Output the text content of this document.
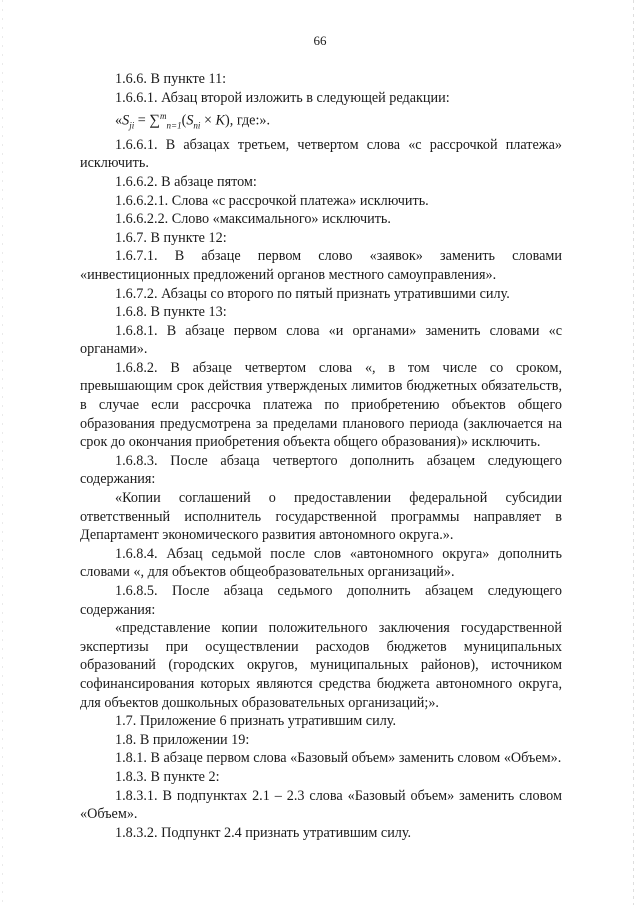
66

1.6.6. В пункте 11:

1.6.6.1. Абзац второй изложить в следующей редакции:

«$S_{ji} = \sum^m_{n=1}(S_{ni} \times K)$, где:».

1.6.6.1. В абзацах третьем, четвертом слова «с рассрочкой платежа» исключить.

1.6.6.2. В абзаце пятом:

1.6.6.2.1. Слова «с рассрочкой платежа» исключить.

1.6.6.2.2. Слово «максимального» исключить.

1.6.7. В пункте 12:

1.6.7.1. В абзаце первом слово «заявок» заменить словами «инвестиционных предложений органов местного самоуправления».

1.6.7.2. Абзацы со второго по пятый признать утратившими силу.

1.6.8. В пункте 13:

1.6.8.1. В абзаце первом слова «и органами» заменить словами «с органами».

1.6.8.2. В абзаце четвертом слова «, в том числе со сроком, превышающим срок действия утвержденых лимитов бюджетных обязательств, в случае если рассрочка платежа по приобретению объектов общего образования предусмотрена за пределами планового периода (заключается на срок до окончания приобретения объекта общего образования)» исключить.

1.6.8.3. После абзаца четвертого дополнить абзацем следующего содержания:

«Копии соглашений о предоставлении федеральной субсидии ответственный исполнитель государственной программы направляет в Департамент экономического развития автономного округа.».

1.6.8.4. Абзац седьмой после слов «автономного округа» дополнить словами «, для объектов общеобразовательных организаций».

1.6.8.5. После абзаца седьмого дополнить абзацем следующего содержания:

«представление копии положительного заключения государственной экспертизы при осуществлении расходов бюджетов муниципальных образований (городских округов, муниципальных районов), источником софинансирования которых являются средства бюджета автономного округа, для объектов дошкольных образовательных организаций;».

1.7. Приложение 6 признать утратившим силу.

1.8. В приложении 19:

1.8.1. В абзаце первом слова «Базовый объем» заменить словом «Объем».

1.8.3. В пункте 2:

1.8.3.1. В подпунктах 2.1 – 2.3 слова «Базовый объем» заменить словом «Объем».

1.8.3.2. Подпункт 2.4 признать утратившим силу.
